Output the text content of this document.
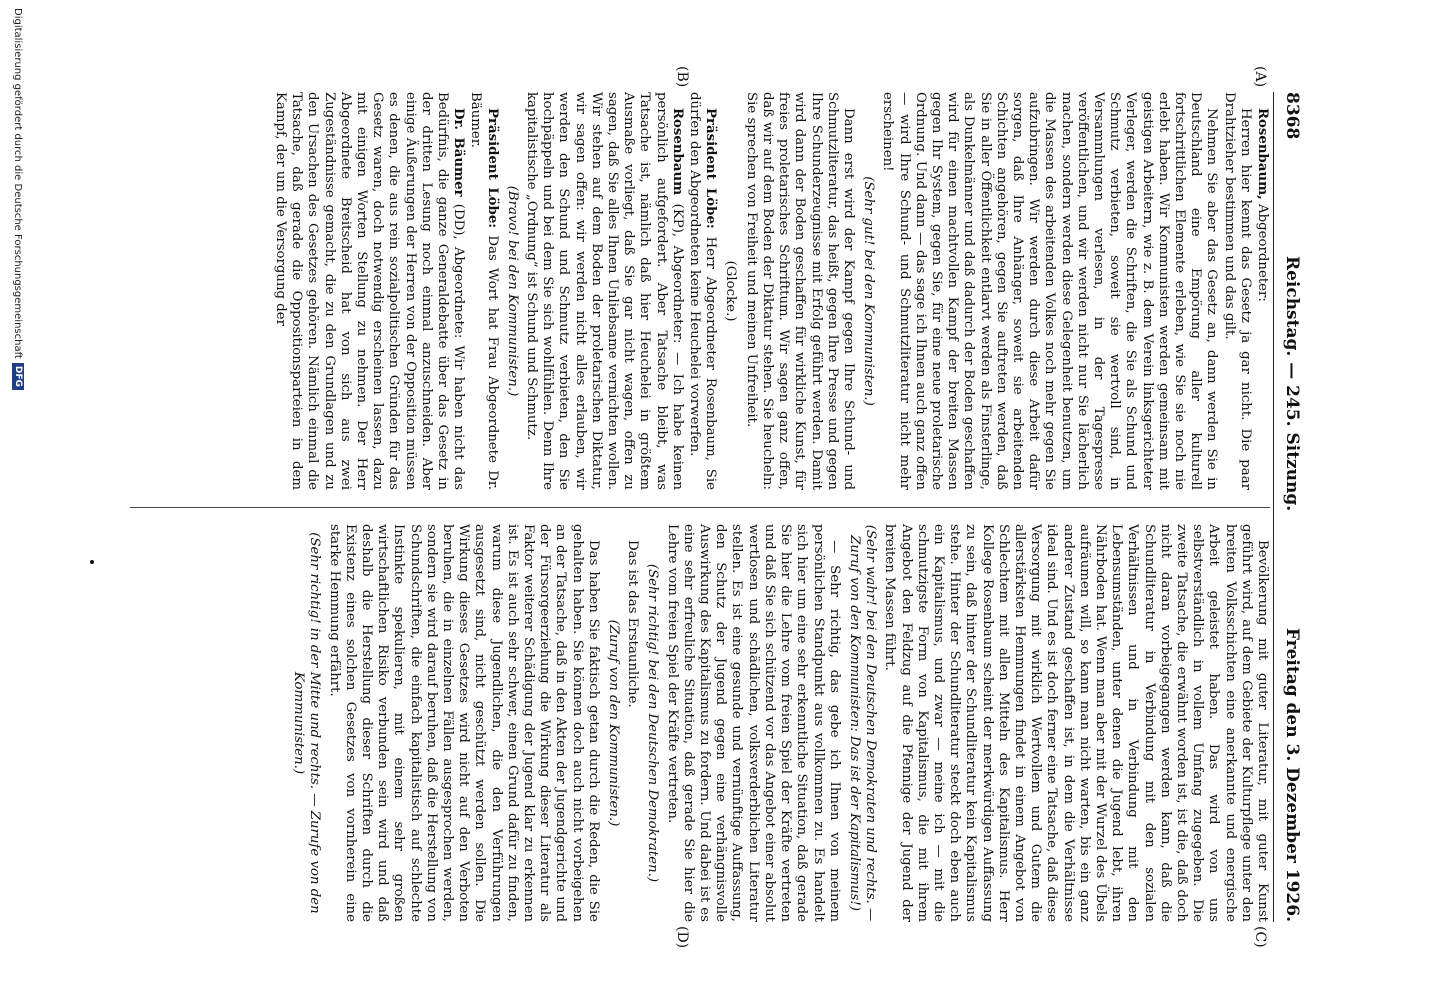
8368
Reichstag. — 245. Sitzung.
Freitag den 3. Dezember 1926.
(A)
(B)
(C)
(D)

Rosenbaum, Abgeordneter:

Herren hier kennt das Gesetz ja gar nicht. Die paar Drahtzieher bestimmen und das gilt.

Nehmen Sie aber das Gesetz an, dann werden Sie in Deutschland eine Empörung aller kulturell fortschrittlichen Elemente erleben, wie Sie sie noch nie erlebt haben. Wir Kommunisten werden gemeinsam mit geistigen Arbeitern, wie z. B. dem Verein linksgerichteter Verleger, werden die Schriften, die Sie als Schund und Schmutz verbieten, soweit sie wertvoll sind, in Versammlungen verlesen, in der Tagespresse veröffentlichen, und wir werden nicht nur Sie lächerlich machen, sondern werden diese Gelegenheit benutzen, um die Massen des arbeitenden Volkes noch mehr gegen Sie aufzubringen. Wir werden durch diese Arbeit dafür sorgen, daß Ihre Anhänger, soweit sie arbeitenden Schichten angehören, gegen Sie auftreten werden, daß Sie in aller Öffentlichkeit entlarvt werden als Finsterlinge, als Dunkelmänner und daß dadurch der Boden geschaffen wird für einen machtvollen Kampf der breiten Massen gegen Ihr System, gegen Sie, für eine neue proletarische Ordnung. Und dann — das sage ich Ihnen auch ganz offen — wird Ihre Schund- und Schmutzliteratur nicht mehr erscheinen!

(Sehr gut! bei den Kommunisten.)

Dann erst wird der Kampf gegen Ihre Schund- und Schmutzliteratur, das heißt, gegen Ihre Presse und gegen Ihre Schunderzeugnisse mit Erfolg geführt werden. Damit wird dann der Boden geschaffen für wirkliche Kunst, für freies proletarisches Schrifttum. Wir sagen ganz offen, daß wir auf dem Boden der Diktatur stehen. Sie heucheln: Sie sprechen von Freiheit und meinen Unfreiheit.

(Glocke.)

Präsident Löbe: Herr Abgeordneter Rosenbaum, Sie dürfen den Abgeordneten keine Heuchelei vorwerfen.

Rosenbaum (KP), Abgeordneter: — Ich habe keinen persönlich aufgefordert. Aber Tatsache bleibt, was Tatsache ist, nämlich daß hier Heuchelei in größtem Ausmaße vorliegt, daß Sie gar nicht wagen, offen zu sagen, daß Sie alles Ihnen Unliebsame vernichten wollen. Wir stehen auf dem Boden der proletarischen Diktatur, wir sagen offen: wir werden nicht alles erlauben, wir werden den Schund und Schmutz verbieten, den Sie hochpäppeln und bei dem Sie sich wohlfühlen. Denn Ihre kapitalistische „Ordnung“ ist Schund und Schmutz.

(Bravo! bei den Kommunisten.)

Präsident Löbe: Das Wort hat Frau Abgeordnete Dr. Bäumer.

Dr. Bäumer (DD), Abgeordnete: Wir haben nicht das Bedürfnis, die ganze Generaldebatte über das Gesetz in der dritten Lesung noch einmal anzuschneiden. Aber einige Äußerungen der Herren von der Opposition müssen es denen, die aus rein sozialpolitischen Gründen für das Gesetz waren, doch notwendig erscheinen lassen, dazu mit einigen Worten Stellung zu nehmen. Der Herr Abgeordnete Breitscheid hat von sich aus zwei Zugeständnisse gemacht, die zu den Grundlagen und zu den Ursachen des Gesetzes gehören. Nämlich einmal die Tatsache, daß gerade die Oppositionsparteien in dem Kampf, der um die Versorgung der

Bevölkerung mit guter Literatur, mit guter Kunst geführt wird, auf dem Gebiete der Kulturpflege unter den breiten Volksschichten eine anerkannte und energische Arbeit geleistet haben. Das wird von uns selbstverständlich in vollem Umfang zugegeben. Die zweite Tatsache, die erwähnt worden ist, ist die, daß doch nicht daran vorbeigegangen werden kann, daß die Schundliteratur in Verbindung mit den sozialen Verhältnissen und in Verbindung mit den Lebensumständen, unter denen die Jugend lebt, ihren Nährboden hat. Wenn man aber mit der Wurzel des Übels aufräumen will, so kann man nicht warten, bis ein ganz anderer Zustand geschaffen ist, in dem die Verhältnisse ideal sind. Und es ist doch ferner eine Tatsache, daß diese Versorgung mit wirklich Wertvollem und Gutem die allerstärksten Hemmungen findet in einem Angebot von Schlechtem mit allen Mitteln des Kapitalismus. Herr Kollege Rosenbaum scheint der merkwürdigen Auffassung zu sein, daß hinter der Schundliteratur kein Kapitalismus stehe. Hinter der Schundliteratur steckt doch eben auch ein Kapitalismus, und zwar — meine ich — mit die schmutzigste Form von Kapitalismus, die mit ihrem Angebot den Feldzug auf die Pfennige der Jugend der breiten Massen führt.

(Sehr wahr! bei den Deutschen Demokraten und rechts. — Zuruf von den Kommunisten: Das ist der Kapitalismus!)

— Sehr richtig, das gebe ich Ihnen von meinem persönlichen Standpunkt aus vollkommen zu. Es handelt sich hier um eine sehr erkenntliche Situation, daß gerade Sie hier die Lehre vom freien Spiel der Kräfte vertreten und daß Sie sich schützend vor das Angebot einer absolut wertlosen und schädlichen, volksverderblichen Literatur stellen. Es ist eine gesunde und vernünftige Auffassung, den Schutz der Jugend gegen eine verhängnisvolle Auswirkung des Kapitalismus zu fordern. Und dabei ist es eine sehr erfreuliche Situation, daß gerade Sie hier die Lehre vom freien Spiel der Kräfte vertreten.

(Sehr richtig! bei den Deutschen Demokraten.)

Das ist das Erstaunliche.

(Zuruf von den Kommunisten.)

Das haben Sie faktisch getan durch die Reden, die Sie gehalten haben. Sie können doch auch nicht vorbeigehen an der Tatsache, daß in den Akten der Jugendgerichte und der Fürsorgeerziehung die Wirkung dieser Literatur als Faktor weiterer Schädigung der Jugend klar zu erkennen ist. Es ist auch sehr schwer, einen Grund dafür zu finden, warum diese Jugendlichen, die den Verführungen ausgesetzt sind, nicht geschützt werden sollen. Die Wirkung dieses Gesetzes wird nicht auf den Verboten beruhen, die in einzelnen Fällen ausgesprochen werden, sondern sie wird darauf beruhen, daß die Herstellung von Schundschriften, die einfach kapitalistisch auf schlechte Instinkte spekulieren, mit einem sehr großen wirtschaftlichen Risiko verbunden sein wird und daß deshalb die Herstellung dieser Schriften durch die Existenz eines solchen Gesetzes von vornherein eine starke Hemmung erfährt.

(Sehr richtig! in der Mitte und rechts. — Zurufe von den Kommunisten.)

Digitalisierung gefördert durch die Deutsche Forschungsgemeinschaft
DFG
